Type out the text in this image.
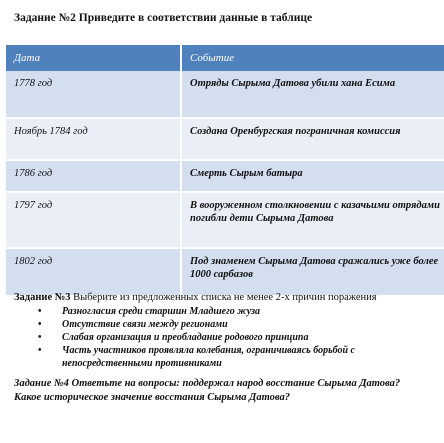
Задание №2 Приведите в соответствии данные в таблице
Дата	Событие
1778 год	Отряды Сырыма Датова убили хана Есима
Ноябрь 1784 год	Создана Оренбургская пограничная комиссия
1786 год	Смерть Сырым батыра
1797 год	В вооруженном столкновении с казачьими отрядами погибли дети Сырыма Датова
1802 год	Под знаменем Сырыма Датова сражались уже более 1000 сарбазов
Задание №3 Выберите из предложенных списка не менее 2-х причин поражения
• Разногласия среди старшин Младшего жуза
• Отсутствие связи между регионами
• Слабая организация и преобладание родового принципа
• Часть участников проявляла колебания, ограничиваясь борьбой с непосредственными противниками
Задание №4 Ответьте на вопросы: поддержал народ восстание Сырыма Датова?
Какое историческое значение восстания Сырыма Датова?
